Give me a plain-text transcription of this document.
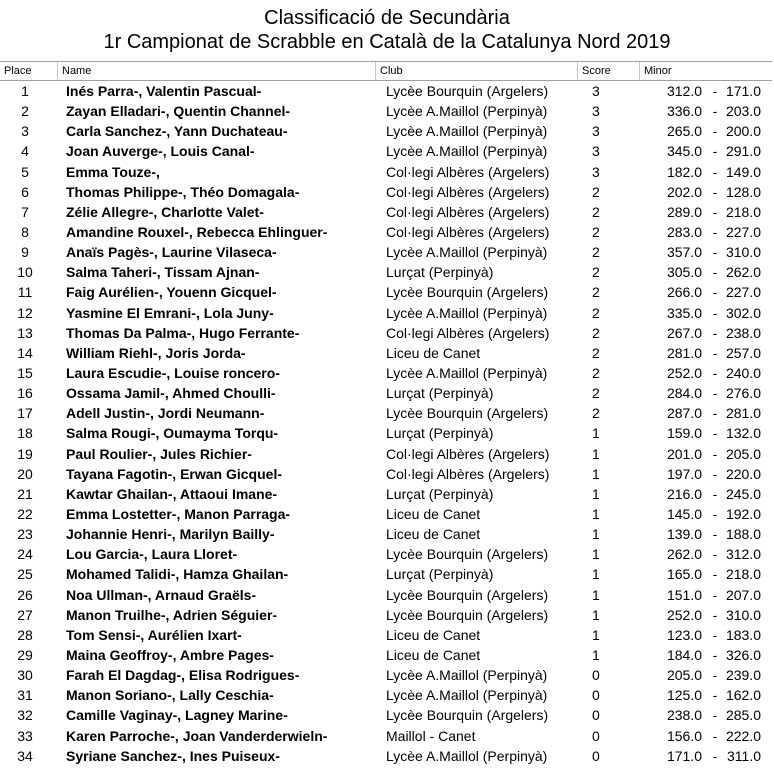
Classificació de Secundària
1r Campionat de Scrabble en Català de la Catalunya Nord 2019
Place	Name	Club	Score	Minor
1	Inés Parra-, Valentin Pascual-	Lycèe Bourquin (Argelers)	3	312.0 - 171.0
2	Zayan Elladari-, Quentin Channel-	Lycèe A.Maillol (Perpinyà)	3	336.0 - 203.0
3	Carla Sanchez-, Yann Duchateau-	Lycèe A.Maillol (Perpinyà)	3	265.0 - 200.0
4	Joan Auverge-, Louis Canal-	Lycèe A.Maillol (Perpinyà)	3	345.0 - 291.0
5	Emma Touze-,	Col·legi Albères (Argelers)	3	182.0 - 149.0
6	Thomas Philippe-, Théo Domagala-	Col·legi Albères (Argelers)	2	202.0 - 128.0
7	Zélie Allegre-, Charlotte Valet-	Col·legi Albères (Argelers)	2	289.0 - 218.0
8	Amandine Rouxel-, Rebecca Ehlinguer-	Col·legi Albères (Argelers)	2	283.0 - 227.0
9	Anaïs Pagès-, Laurine Vilaseca-	Lycèe A.Maillol (Perpinyà)	2	357.0 - 310.0
10	Salma Taheri-, Tissam Ajnan-	Lurçat (Perpinyà)	2	305.0 - 262.0
11	Faig Aurélien-, Youenn Gicquel-	Lycèe Bourquin (Argelers)	2	266.0 - 227.0
12	Yasmine El Emrani-, Lola Juny-	Lycèe A.Maillol (Perpinyà)	2	335.0 - 302.0
13	Thomas Da Palma-, Hugo Ferrante-	Col·legi Albères (Argelers)	2	267.0 - 238.0
14	William Riehl-, Joris Jorda-	Liceu de Canet	2	281.0 - 257.0
15	Laura Escudie-, Louise roncero-	Lycèe A.Maillol (Perpinyà)	2	252.0 - 240.0
16	Ossama Jamil-, Ahmed Choulli-	Lurçat (Perpinyà)	2	284.0 - 276.0
17	Adell Justin-, Jordi Neumann-	Lycèe Bourquin (Argelers)	2	287.0 - 281.0
18	Salma Rougi-, Oumayma Torqu-	Lurçat (Perpinyà)	1	159.0 - 132.0
19	Paul Roulier-, Jules Richier-	Col·legi Albères (Argelers)	1	201.0 - 205.0
20	Tayana Fagotin-, Erwan Gicquel-	Col·legi Albères (Argelers)	1	197.0 - 220.0
21	Kawtar Ghailan-, Attaoui Imane-	Lurçat (Perpinyà)	1	216.0 - 245.0
22	Emma Lostetter-, Manon Parraga-	Liceu de Canet	1	145.0 - 192.0
23	Johannie Henri-, Marilyn Bailly-	Liceu de Canet	1	139.0 - 188.0
24	Lou Garcia-, Laura Lloret-	Lycèe Bourquin (Argelers)	1	262.0 - 312.0
25	Mohamed Talidi-, Hamza Ghailan-	Lurçat (Perpinyà)	1	165.0 - 218.0
26	Noa Ullman-, Arnaud Graëls-	Lycèe Bourquin (Argelers)	1	151.0 - 207.0
27	Manon Truilhe-, Adrien Séguier-	Lycèe Bourquin (Argelers)	1	252.0 - 310.0
28	Tom Sensi-, Aurélien Ixart-	Liceu de Canet	1	123.0 - 183.0
29	Maina Geoffroy-, Ambre Pages-	Liceu de Canet	1	184.0 - 326.0
30	Farah El Dagdag-, Elisa Rodrigues-	Lycèe A.Maillol (Perpinyà)	0	205.0 - 239.0
31	Manon Soriano-, Lally Ceschia-	Lycèe A.Maillol (Perpinyà)	0	125.0 - 162.0
32	Camille Vaginay-, Lagney Marine-	Lycèe Bourquin (Argelers)	0	238.0 - 285.0
33	Karen Parroche-, Joan Vanderderwieln-	Maillol - Canet	0	156.0 - 222.0
34	Syriane Sanchez-, Ines Puiseux-	Lycèe A.Maillol (Perpinyà)	0	171.0 - 311.0
